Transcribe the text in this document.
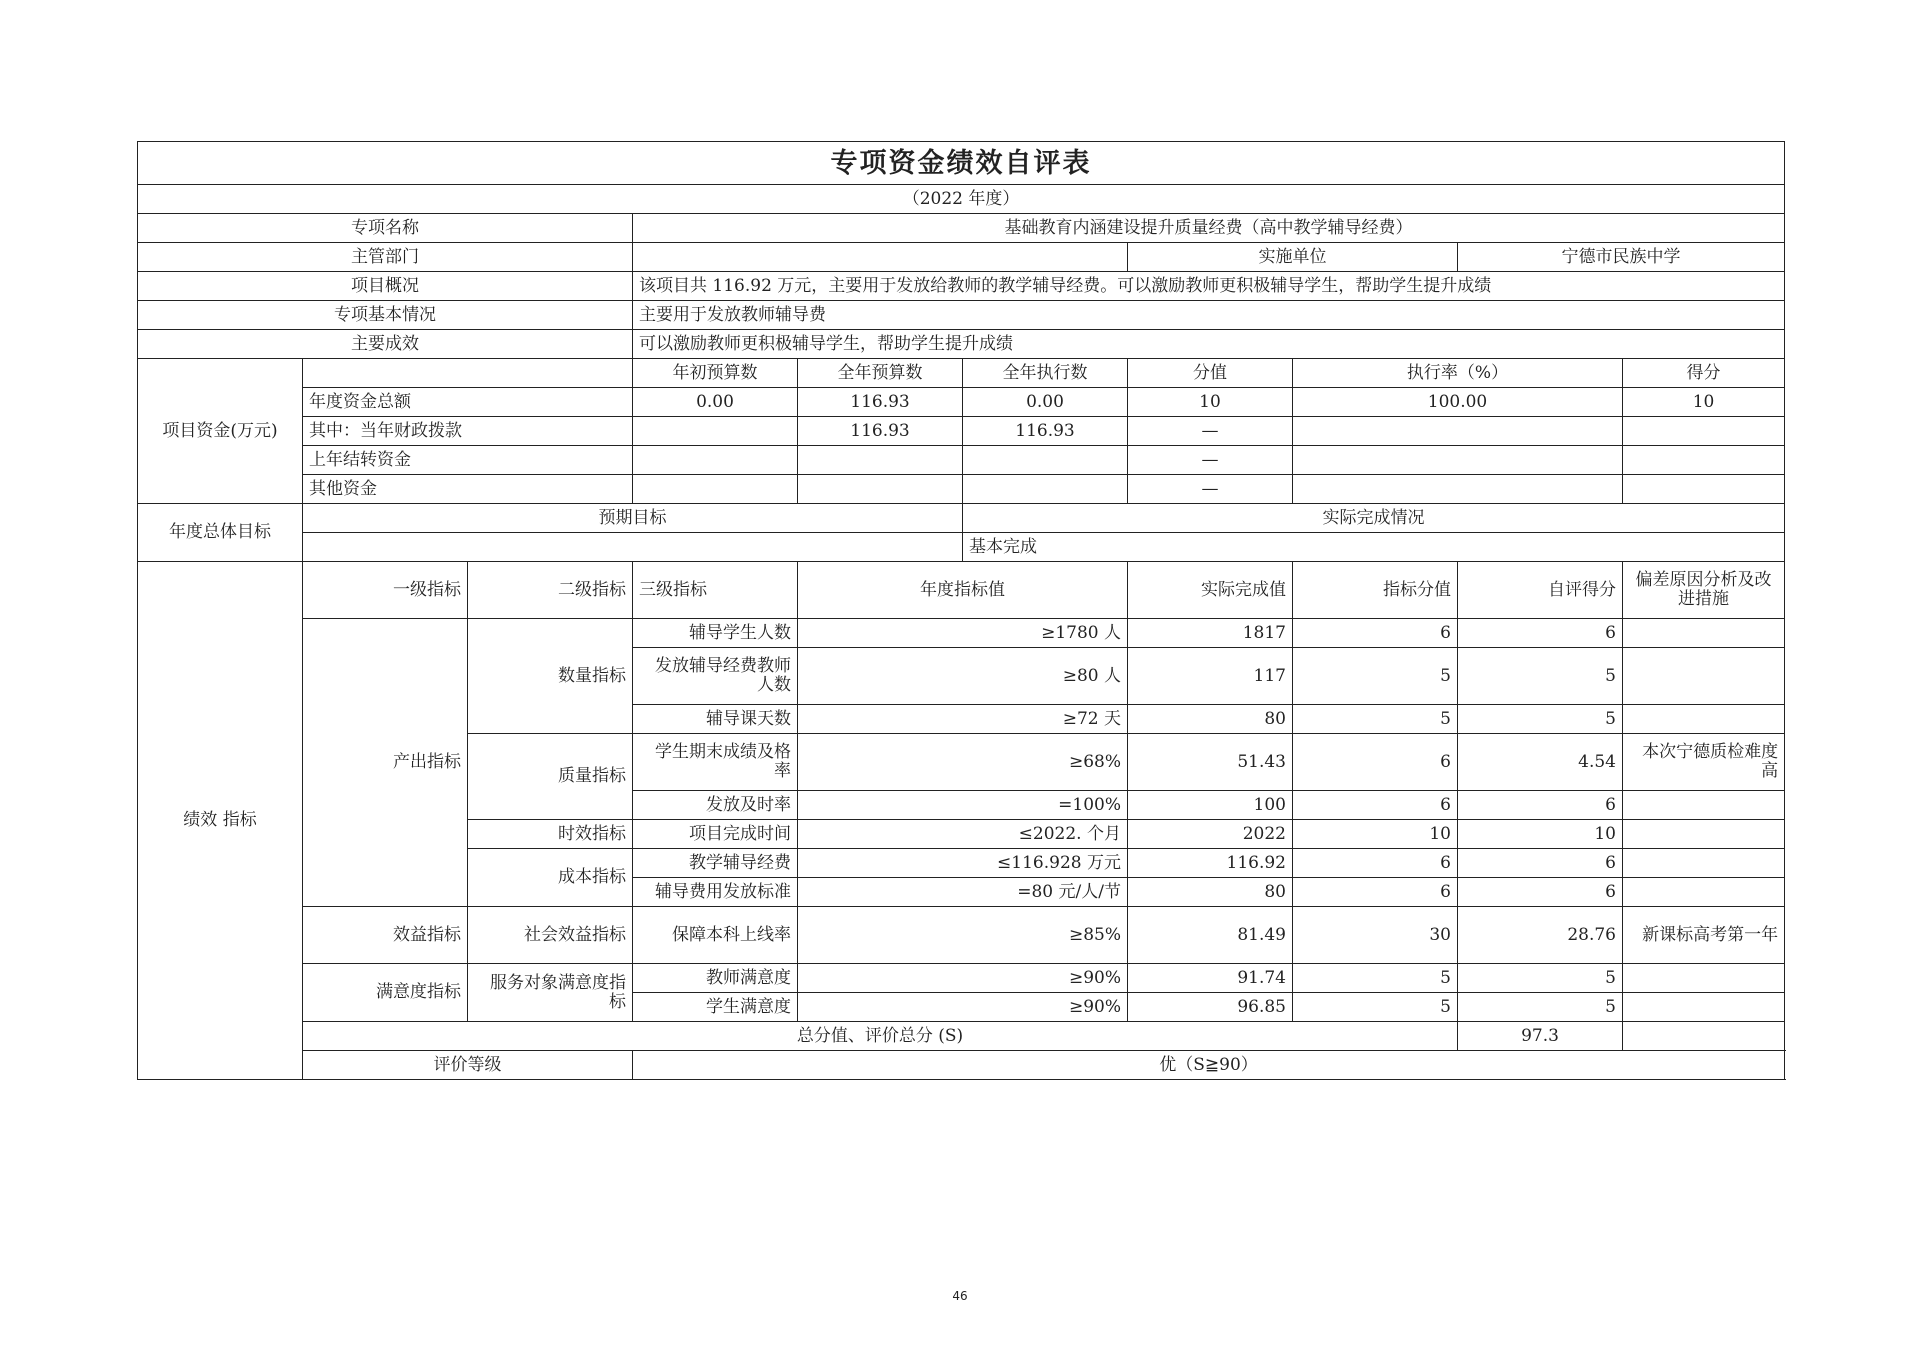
专项资金绩效自评表									
（2022 年度）									
专项名称			基础教育内涵建设提升质量经费（高中教学辅导经费）						
主管部门						实施单位		宁德市民族中学	
项目概况			该项目共 116.92 万元，主要用于发放给教师的教学辅导经费。可以激励教师更积极辅导学生，帮助学生提升成绩						
专项基本情况			主要用于发放教师辅导费						
主要成效			可以激励教师更积极辅导学生，帮助学生提升成绩						
项目资金(万元)			年初预算数	全年预算数	全年执行数	分值	执行率（%）		得分
	年度资金总额		0.00	116.93	0.00	10	100.00		10
	其中：当年财政拨款			116.93	116.93	—			
	上年结转资金					—			
	其他资金					—			
年度总体目标	预期目标				实际完成情况				
					基本完成				
绩效 指标	一级指标	二级指标	三级指标	年度指标值		实际完成值	指标分值	自评得分	偏差原因分析及改进措施
	产出指标	数量指标	辅导学生人数	≥1780 人		1817	6	6	
			发放辅导经费教师人数	≥80 人		117	5	5	
			辅导课天数	≥72 天		80	5	5	
		质量指标	学生期末成绩及格率	≥68%		51.43	6	4.54	本次宁德质检难度高
			发放及时率	=100%		100	6	6	
		时效指标	项目完成时间	≤2022. 个月		2022	10	10	
		成本指标	教学辅导经费	≤116.928 万元		116.92	6	6	
			辅导费用发放标准	=80 元/人/节		80	6	6	
	效益指标	社会效益指标	保障本科上线率	≥85%		81.49	30	28.76	新课标高考第一年
	满意度指标	服务对象满意度指标	教师满意度	≥90%		91.74	5	5	
			学生满意度	≥90%		96.85	5	5	
	总分值、评价总分 (S)							97.3	
	评价等级		优（S≧90）						
46
